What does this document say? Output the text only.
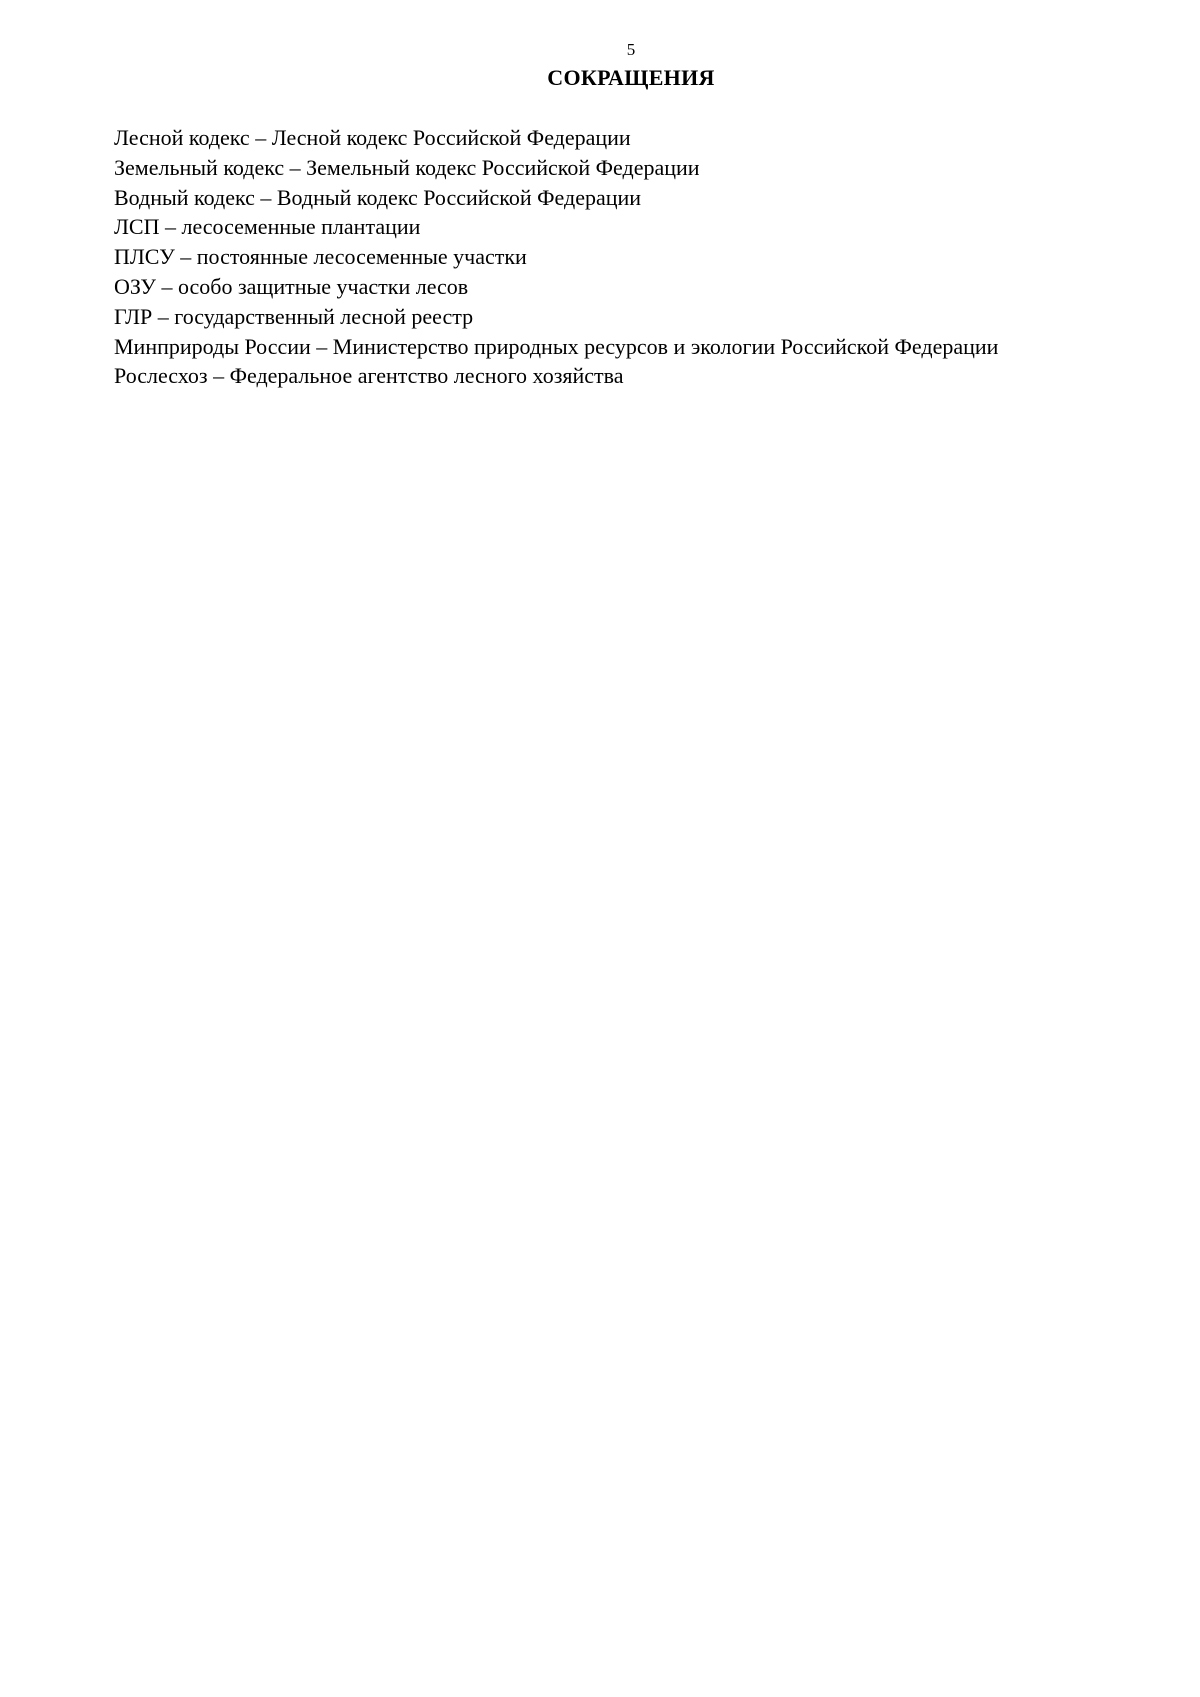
5
СОКРАЩЕНИЯ
Лесной кодекс – Лесной кодекс Российской Федерации
Земельный кодекс – Земельный кодекс Российской Федерации
Водный кодекс – Водный кодекс Российской Федерации
ЛСП – лесосеменные плантации
ПЛСУ – постоянные лесосеменные участки
ОЗУ – особо защитные участки лесов
ГЛР – государственный лесной реестр
Минприроды России – Министерство природных ресурсов и экологии Российской Федерации
Рослесхоз – Федеральное агентство лесного хозяйства
